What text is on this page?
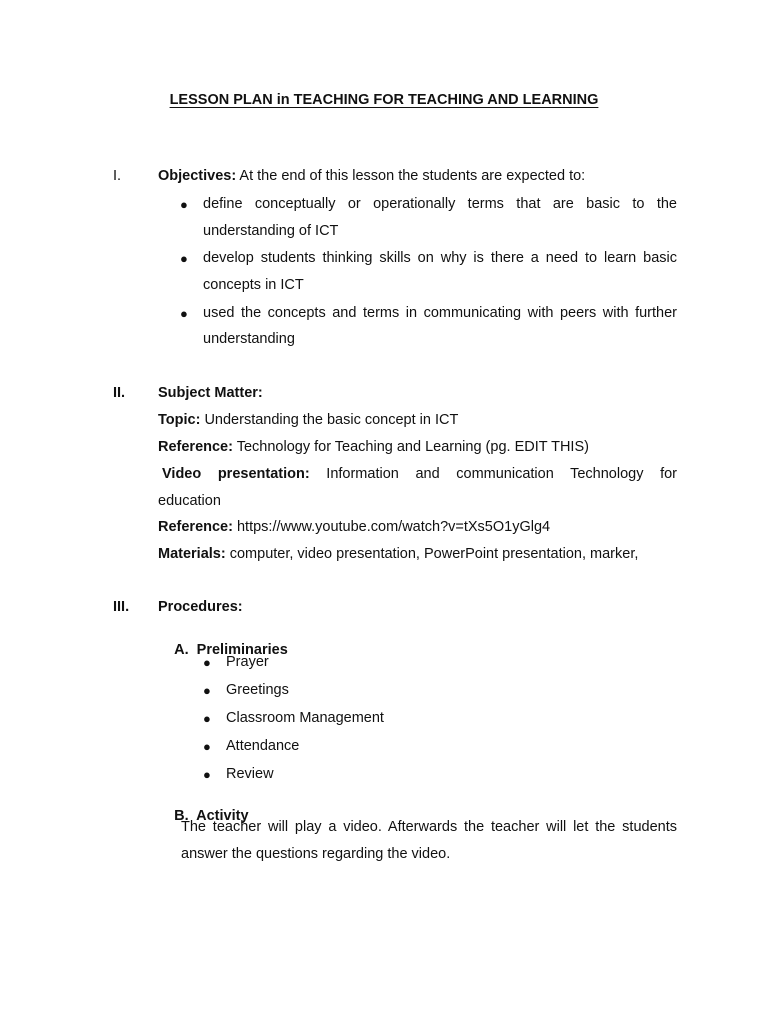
LESSON PLAN in TEACHING FOR TEACHING AND LEARNING
I.	Objectives: At the end of this lesson the students are expected to:
● define conceptually or operationally terms that are basic to the
understanding of ICT
● develop students thinking skills on why is there a need to learn basic
concepts in ICT
● used the concepts and terms in communicating with peers with further
understanding
II. Subject Matter:
Topic: Understanding the basic concept in ICT
Reference: Technology for Teaching and Learning (pg. EDIT THIS)
Video presentation: Information and communication Technology for
education
Reference: https://www.youtube.com/watch?v=tXs5O1yGlg4
Materials: computer, video presentation, PowerPoint presentation, marker,
III. Procedures:

A.  Preliminaries

● Prayer
● Greetings
● Classroom Management
● Attendance
● Review

B.  Activity

The teacher will play a video. Afterwards the teacher will let the students
answer the questions regarding the video.
